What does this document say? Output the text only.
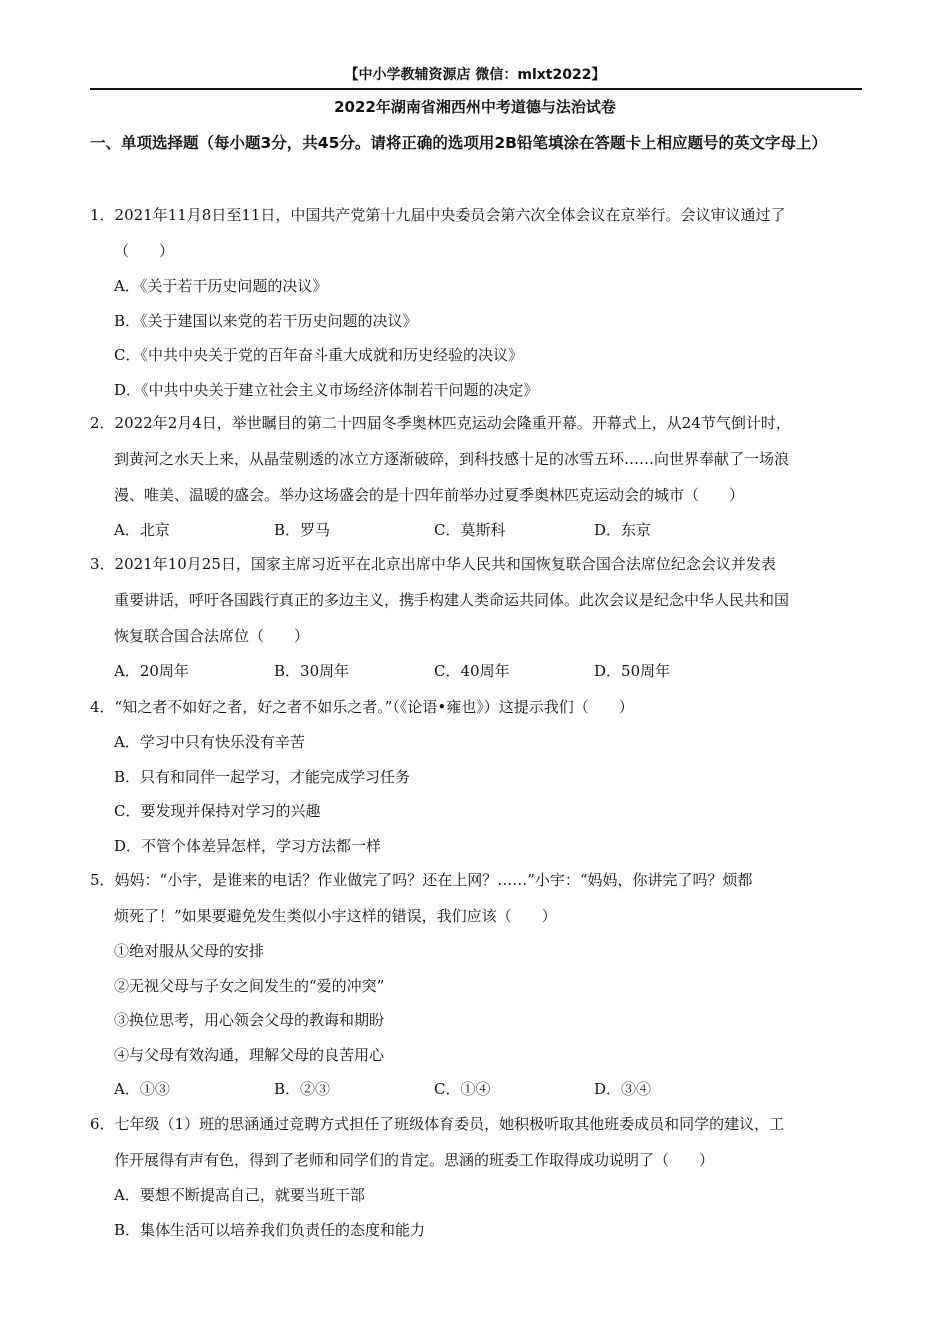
【中小学教辅资源店 微信：mlxt2022】
2022年湖南省湘西州中考道德与法治试卷
一、单项选择题（每小题3分，共45分。请将正确的选项用2B铅笔填涂在答题卡上相应题号的英文字母上）
1．2021年11月8日至11日，中国共产党第十九届中央委员会第六次全体会议在京举行。会议审议通过了
（　　）
A．《关于若干历史问题的决议》
B．《关于建国以来党的若干历史问题的决议》
C．《中共中央关于党的百年奋斗重大成就和历史经验的决议》
D．《中共中央关于建立社会主义市场经济体制若干问题的决定》
2．2022年2月4日，举世瞩目的第二十四届冬季奥林匹克运动会隆重开幕。开幕式上，从24节气倒计时，
到黄河之水天上来，从晶莹剔透的冰立方逐渐破碎，到科技感十足的冰雪五环……向世界奉献了一场浪
漫、唯美、温暖的盛会。举办这场盛会的是十四年前举办过夏季奥林匹克运动会的城市（　　）
A．北京	B．罗马	C．莫斯科	D．东京
3．2021年10月25日，国家主席习近平在北京出席中华人民共和国恢复联合国合法席位纪念会议并发表
重要讲话，呼吁各国践行真正的多边主义，携手构建人类命运共同体。此次会议是纪念中华人民共和国
恢复联合国合法席位（　　）
A．20周年	B．30周年	C．40周年	D．50周年
4．“知之者不如好之者，好之者不如乐之者。”（《论语•雍也》）这提示我们（　　）
A．学习中只有快乐没有辛苦
B．只有和同伴一起学习，才能完成学习任务
C．要发现并保持对学习的兴趣
D．不管个体差异怎样，学习方法都一样
5．妈妈：“小宇，是谁来的电话？作业做完了吗？还在上网？……”小宇：“妈妈，你讲完了吗？烦都
烦死了！”如果要避免发生类似小宇这样的错误，我们应该（　　）
①绝对服从父母的安排
②无视父母与子女之间发生的“爱的冲突”
③换位思考，用心领会父母的教诲和期盼
④与父母有效沟通，理解父母的良苦用心
A．①③	B．②③	C．①④	D．③④
6．七年级（1）班的思涵通过竞聘方式担任了班级体育委员，她积极听取其他班委成员和同学的建议，工
作开展得有声有色，得到了老师和同学们的肯定。思涵的班委工作取得成功说明了（　　）
A．要想不断提高自己，就要当班干部
B．集体生活可以培养我们负责任的态度和能力
